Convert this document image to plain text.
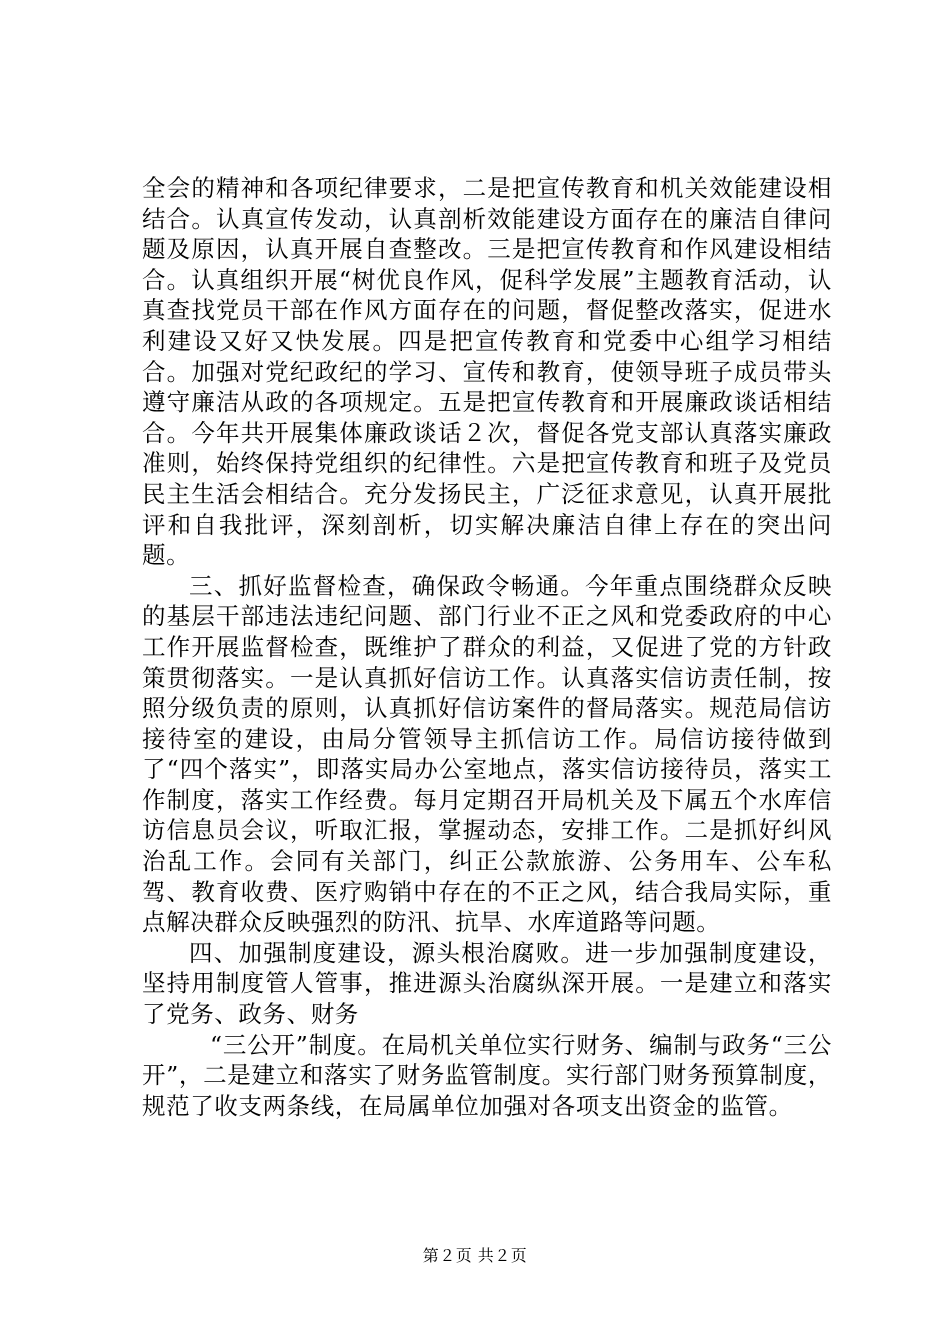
全会的精神和各项纪律要求，二是把宣传教育和机关效能建设相结合。认真宣传发动，认真剖析效能建设方面存在的廉洁自律问题及原因，认真开展自查整改。三是把宣传教育和作风建设相结合。认真组织开展“树优良作风，促科学发展”主题教育活动，认真查找党员干部在作风方面存在的问题，督促整改落实，促进水利建设又好又快发展。四是把宣传教育和党委中心组学习相结合。加强对党纪政纪的学习、宣传和教育，使领导班子成员带头遵守廉洁从政的各项规定。五是把宣传教育和开展廉政谈话相结合。今年共开展集体廉政谈话２次，督促各党支部认真落实廉政准则，始终保持党组织的纪律性。六是把宣传教育和班子及党员民主生活会相结合。充分发扬民主，广泛征求意见，认真开展批评和自我批评，深刻剖析，切实解决廉洁自律上存在的突出问题。

三、抓好监督检查，确保政令畅通。今年重点围绕群众反映的基层干部违法违纪问题、部门行业不正之风和党委政府的中心工作开展监督检查，既维护了群众的利益，又促进了党的方针政策贯彻落实。一是认真抓好信访工作。认真落实信访责任制，按照分级负责的原则，认真抓好信访案件的督局落实。规范局信访接待室的建设，由局分管领导主抓信访工作。局信访接待做到了“四个落实”，即落实局办公室地点，落实信访接待员，落实工作制度，落实工作经费。每月定期召开局机关及下属五个水库信访信息员会议，听取汇报，掌握动态，安排工作。二是抓好纠风治乱工作。会同有关部门，纠正公款旅游、公务用车、公车私驾、教育收费、医疗购销中存在的不正之风，结合我局实际，重点解决群众反映强烈的防汛、抗旱、水库道路等问题。

四、加强制度建设，源头根治腐败。进一步加强制度建设，坚持用制度管人管事，推进源头治腐纵深开展。一是建立和落实了党务、政务、财务

“三公开”制度。在局机关单位实行财务、编制与政务“三公开”，二是建立和落实了财务监管制度。实行部门财务预算制度，规范了收支两条线，在局属单位加强对各项支出资金的监管。

第２页 共２页
